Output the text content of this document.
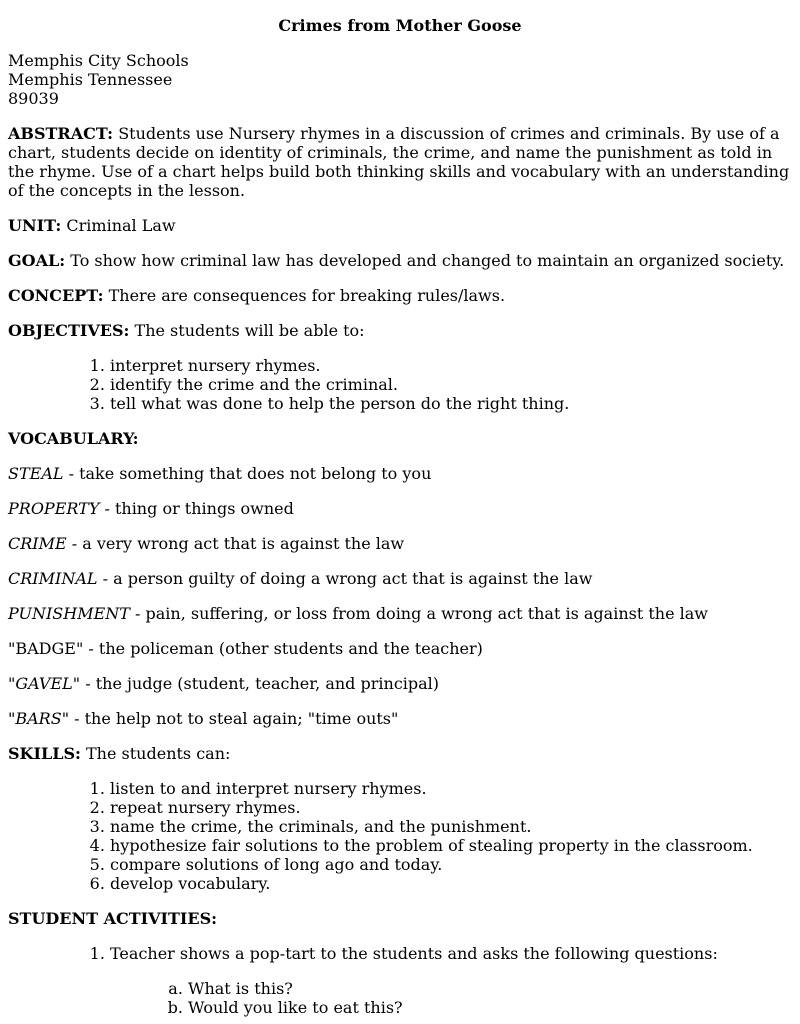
Crimes from Mother Goose

Memphis City Schools
Memphis Tennessee
89039

ABSTRACT: Students use Nursery rhymes in a discussion of crimes and criminals. By use of a chart, students decide on identity of criminals, the crime, and name the punishment as told in the rhyme. Use of a chart helps build both thinking skills and vocabulary with an understanding of the concepts in the lesson.

UNIT: Criminal Law

GOAL: To show how criminal law has developed and changed to maintain an organized society.

CONCEPT: There are consequences for breaking rules/laws.

OBJECTIVES: The students will be able to:

1. interpret nursery rhymes.
2. identify the crime and the criminal.
3. tell what was done to help the person do the right thing.

VOCABULARY:

STEAL - take something that does not belong to you

PROPERTY - thing or things owned

CRIME - a very wrong act that is against the law

CRIMINAL - a person guilty of doing a wrong act that is against the law

PUNISHMENT - pain, suffering, or loss from doing a wrong act that is against the law

"BADGE" - the policeman (other students and the teacher)

"GAVEL" - the judge (student, teacher, and principal)

"BARS" - the help not to steal again; "time outs"

SKILLS: The students can:

1. listen to and interpret nursery rhymes.
2. repeat nursery rhymes.
3. name the crime, the criminals, and the punishment.
4. hypothesize fair solutions to the problem of stealing property in the classroom.
5. compare solutions of long ago and today.
6. develop vocabulary.

STUDENT ACTIVITIES:

1. Teacher shows a pop-tart to the students and asks the following questions:
a. What is this?
b. Would you like to eat this?
